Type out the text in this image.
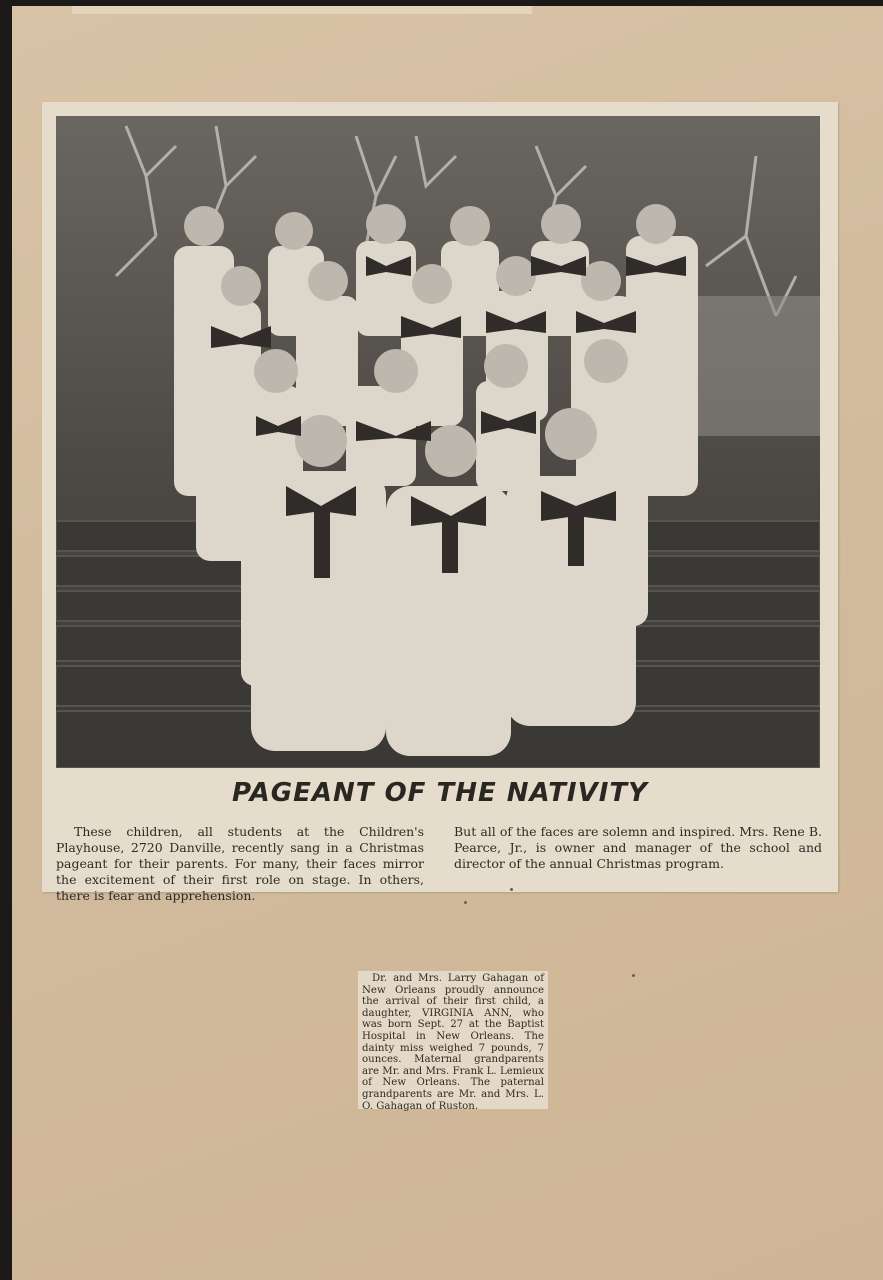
PAGEANT OF THE NATIVITY
These children, all students at the Children's Playhouse, 2720 Danville, recently sang in a Christmas pageant for their parents. For many, their faces mirror the excitement of their first role on stage. In others, there is fear and apprehension.
But all of the faces are solemn and inspired. Mrs. Rene B. Pearce, Jr., is owner and manager of the school and director of the annual Christmas program.

Dr. and Mrs. Larry Gahagan of New Orleans proudly announce the arrival of their first child, a daughter, VIRGINIA ANN, who was born Sept. 27 at the Baptist Hospital in New Orleans. The dainty miss weighed 7 pounds, 7 ounces. Maternal grandparents are Mr. and Mrs. Frank L. Lemieux of New Orleans. The paternal grandparents are Mr. and Mrs. L. O. Gahagan of Ruston.
